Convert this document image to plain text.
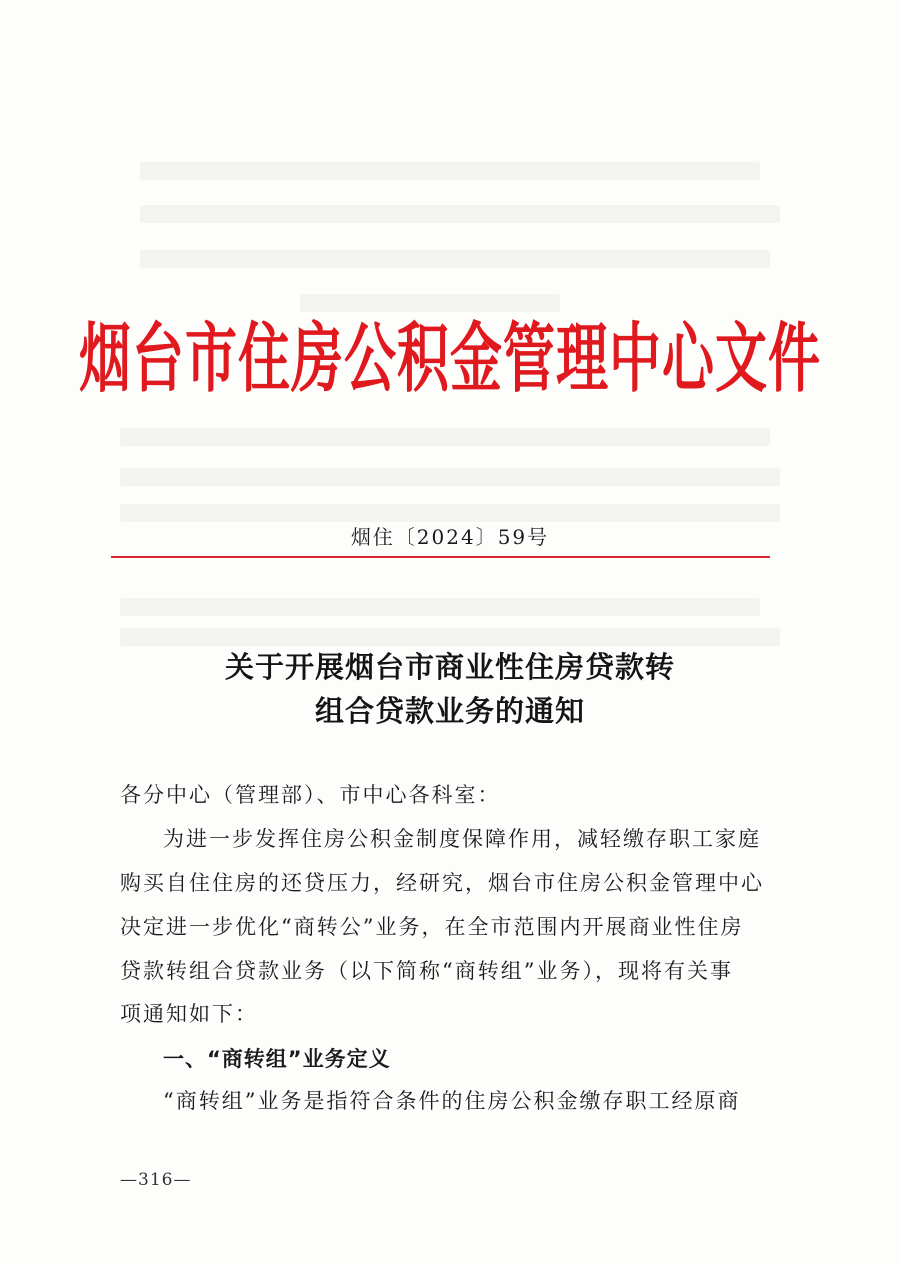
烟台市住房公积金管理中心文件
烟住〔2024〕59号
关于开展烟台市商业性住房贷款转
组合贷款业务的通知
各分中心（管理部）、市中心各科室：
为进一步发挥住房公积金制度保障作用，减轻缴存职工家庭
购买自住住房的还贷压力，经研究，烟台市住房公积金管理中心
决定进一步优化“商转公”业务，在全市范围内开展商业性住房
贷款转组合贷款业务（以下简称“商转组”业务），现将有关事
项通知如下：
一、“商转组”业务定义
“商转组”业务是指符合条件的住房公积金缴存职工经原商
—316—
